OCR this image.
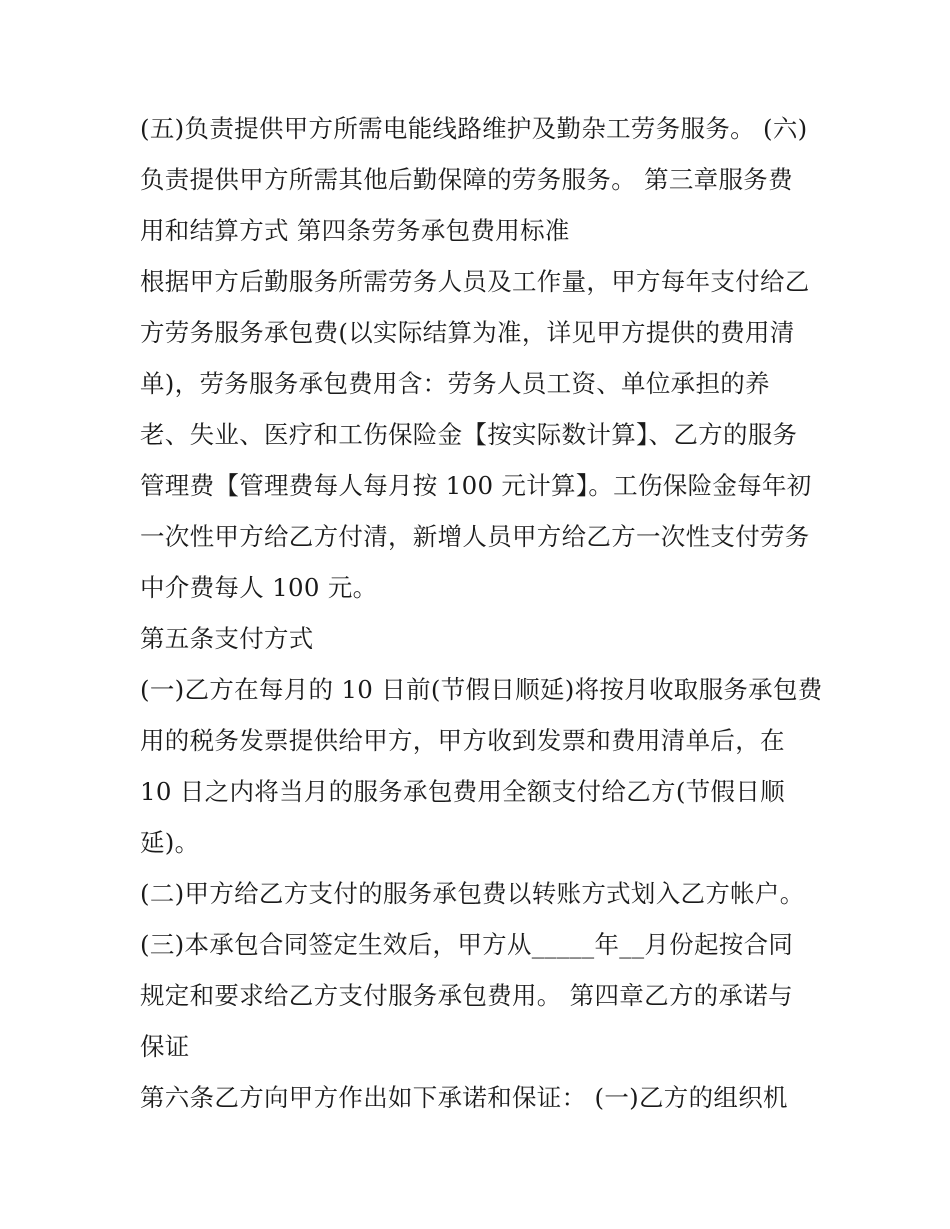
(五)负责提供甲方所需电能线路维护及勤杂工劳务服务。 (六)
负责提供甲方所需其他后勤保障的劳务服务。 第三章服务费
用和结算方式 第四条劳务承包费用标准
根据甲方后勤服务所需劳务人员及工作量，甲方每年支付给乙
方劳务服务承包费(以实际结算为准，详见甲方提供的费用清
单)，劳务服务承包费用含：劳务人员工资、单位承担的养
老、失业、医疗和工伤保险金【按实际数计算】、乙方的服务
管理费【管理费每人每月按 100 元计算】。工伤保险金每年初
一次性甲方给乙方付清，新增人员甲方给乙方一次性支付劳务
中介费每人 100 元。
第五条支付方式
(一)乙方在每月的 10 日前(节假日顺延)将按月收取服务承包费
用的税务发票提供给甲方，甲方收到发票和费用清单后，在
10 日之内将当月的服务承包费用全额支付给乙方(节假日顺
延)。
(二)甲方给乙方支付的服务承包费以转账方式划入乙方帐户。
(三)本承包合同签定生效后，甲方从_____年__月份起按合同
规定和要求给乙方支付服务承包费用。 第四章乙方的承诺与
保证
第六条乙方向甲方作出如下承诺和保证： (一)乙方的组织机
